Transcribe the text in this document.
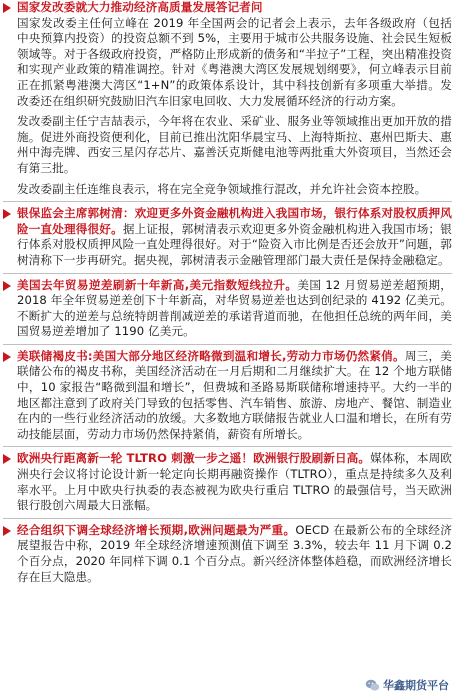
国家发改委就大力推动经济高质量发展答记者问
国家发改委主任何立峰在 2019 年全国两会的记者会上表示，去年各级政府（包括中央预算内投资）的投资总额不到 5%，主要用于城市公共服务设施、社会民生短板领域等。对于各级政府投资，严格防止形成新的债务和“半拉子”工程，突出精准投资和实现产业政策的精准调控。针对《粤港澳大湾区发展规划纲要》，何立峰表示目前正在抓紧粤港澳大湾区“1+N”的政策体系设计，其中科技创新有多项重大举措。发改委还在组织研究鼓励旧汽车旧家电回收、大力发展循环经济的行动方案。

发改委副主任宁吉喆表示，今年将在农业、采矿业、服务业等领域推出更加开放的措施。促进外商投资便利化，目前已推出沈阳华晨宝马、上海特斯拉、惠州巴斯夫、惠州中海壳牌、西安三星闪存芯片、嘉善沃克斯健电池等两批重大外资项目，当然还会有第三批。

发改委副主任连维良表示，将在完全竞争领域推行混改，并允许社会资本控股。

银保监会主席郭树清：欢迎更多外资金融机构进入我国市场，银行体系对股权质押风险一直处理得很好。据上证报，郭树清表示欢迎更多外资金融机构进入我国市场；银行体系对股权质押风险一直处理得很好。对于“险资入市比例是否还会放开”问题，郭树清称下一步再研究。据央视，郭树清表示金融管理部门最大责任是保持金融稳定。

美国去年贸易逆差刷新十年新高,美元指数短线拉升。美国 12 月贸易逆差超预期，2018 年全年贸易逆差创下十年新高，对华贸易逆差也达到创纪录的 4192 亿美元。不断扩大的逆差与总统特朗普削减逆差的承诺背道而驰，在他担任总统的两年间，美国贸易逆差增加了 1190 亿美元。

美联储褐皮书:美国大部分地区经济略微到温和增长,劳动力市场仍然紧俏。周三，美联储公布的褐皮书称，美国经济活动在一月后期和二月继续扩大。在 12 个地方联储中，10 家报告“略微到温和增长”，但费城和圣路易斯联储称增速持平。大约一半的地区都注意到了政府关门导致的包括零售、汽车销售、旅游、房地产、餐馆、制造业在内的一些行业经济活动的放缓。大多数地方联储报告就业人口温和增长，在所有劳动技能层面，劳动力市场仍然保持紧俏，薪资有所增长。

欧洲央行距离新一轮 TLTRO 刺激一步之遥！欧洲银行股刷新日高。媒体称，本周欧洲央行会议将讨论设计新一轮定向长期再融资操作（TLTRO），重点是持续多久及利率水平。上月中欧央行执委的表态被视为欧央行重启 TLTRO 的最强信号，当天欧洲银行股创六周最大日涨幅。

经合组织下调全球经济增长预期,欧洲问题最为严重。OECD 在最新公布的全球经济展望报告中称，2019 年全球经济增速预测值下调至 3.3%，较去年 11 月下调 0.2 个百分点，2020 年同样下调 0.1 个百分点。新兴经济体整体趋稳，而欧洲经济增长存在巨大隐患。

华鑫期货平台
